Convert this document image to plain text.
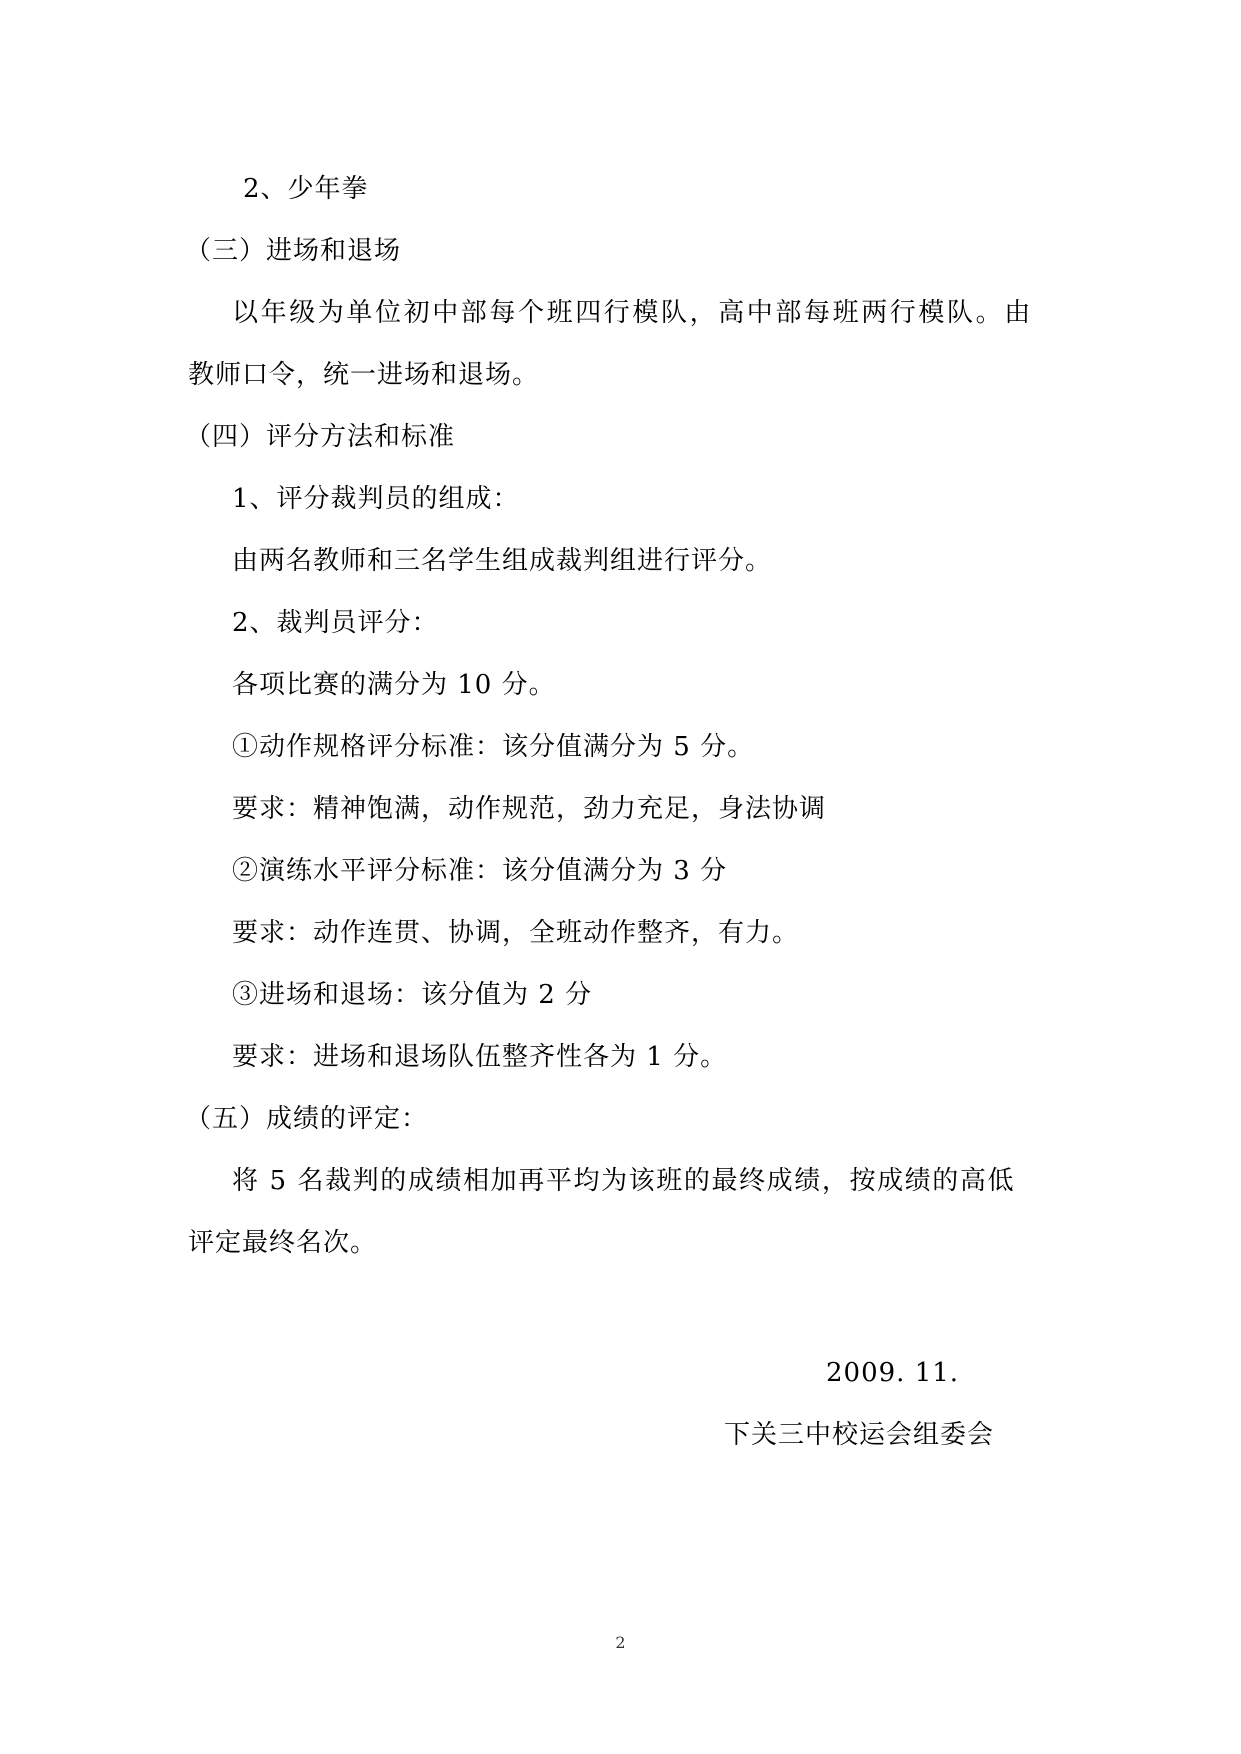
2、少年拳
（三）进场和退场
以年级为单位初中部每个班四行模队，高中部每班两行模队。由
教师口令，统一进场和退场。
（四）评分方法和标准
1、评分裁判员的组成：
由两名教师和三名学生组成裁判组进行评分。
2、裁判员评分：
各项比赛的满分为 10 分。
①动作规格评分标准：该分值满分为 5 分。
要求：精神饱满，动作规范，劲力充足，身法协调
②演练水平评分标准：该分值满分为 3 分
要求：动作连贯、协调，全班动作整齐，有力。
③进场和退场：该分值为 2 分
要求：进场和退场队伍整齐性各为 1 分。
（五）成绩的评定：
将 5 名裁判的成绩相加再平均为该班的最终成绩，按成绩的高低
评定最终名次。
2009. 11.
下关三中校运会组委会
2
